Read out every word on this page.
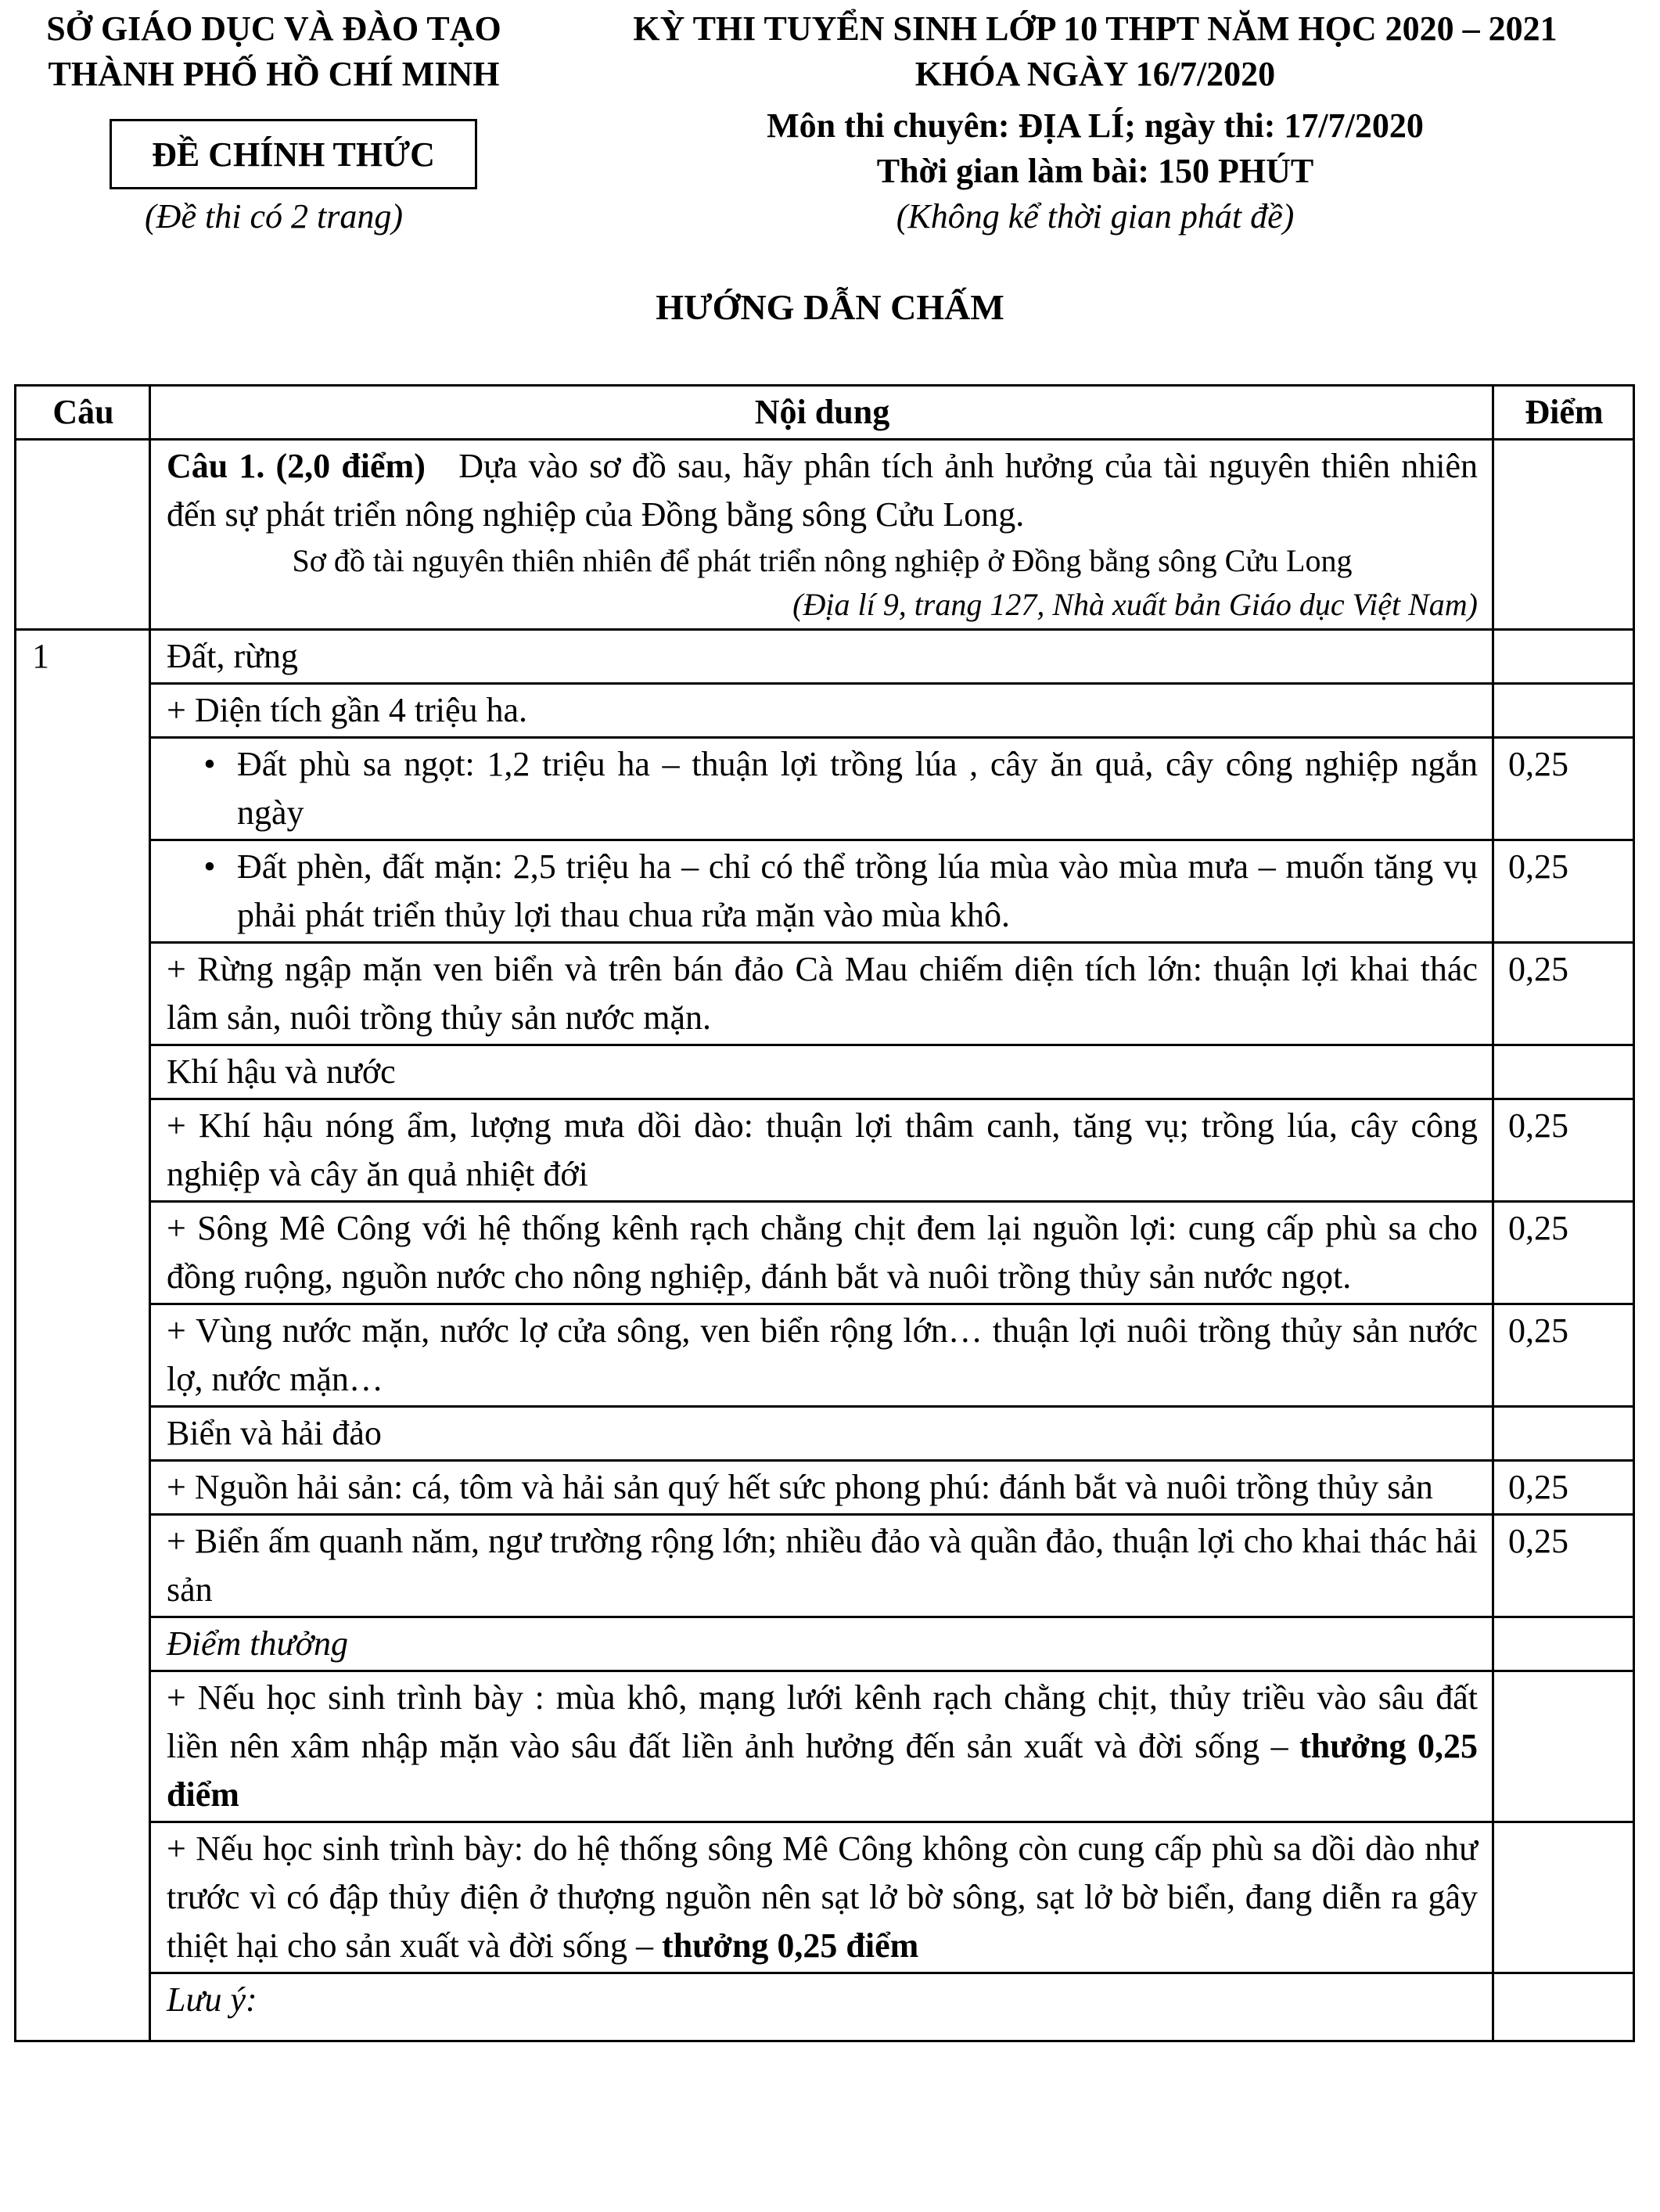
SỞ GIÁO DỤC VÀ ĐÀO TẠO
THÀNH PHỐ HỒ CHÍ MINH
ĐỀ CHÍNH THỨC
(Đề thi có 2 trang)
KỲ THI TUYỂN SINH LỚP 10 THPT NĂM HỌC 2020 – 2021
KHÓA NGÀY 16/7/2020
Môn thi chuyên: ĐỊA LÍ; ngày thi: 17/7/2020
Thời gian làm bài: 150 PHÚT
(Không kể thời gian phát đề)
HƯỚNG DẪN CHẤM
Câu	Nội dung	Điểm

	Câu 1. (2,0 điểm) Dựa vào sơ đồ sau, hãy phân tích ảnh hưởng của tài nguyên thiên nhiên đến sự phát triển nông nghiệp của Đồng bằng sông Cửu Long.
Sơ đồ tài nguyên thiên nhiên để phát triển nông nghiệp ở Đồng bằng sông Cửu Long
(Địa lí 9, trang 127, Nhà xuất bản Giáo dục Việt Nam)	

1	Đất, rừng	
	+ Diện tích gần 4 triệu ha.	

	• Đất phù sa ngọt: 1,2 triệu ha – thuận lợi trồng lúa , cây ăn quả, cây công nghiệp ngắn ngày	0,25

	• Đất phèn, đất mặn: 2,5 triệu ha – chỉ có thể trồng lúa mùa vào mùa mưa – muốn tăng vụ phải phát triển thủy lợi thau chua rửa mặn vào mùa khô.	0,25
	+ Rừng ngập mặn ven biển và trên bán đảo Cà Mau chiếm diện tích lớn: thuận lợi khai thác lâm sản, nuôi trồng thủy sản nước mặn.	0,25
	Khí hậu và nước	
	+ Khí hậu nóng ẩm, lượng mưa dồi dào: thuận lợi thâm canh, tăng vụ; trồng lúa, cây công nghiệp và cây ăn quả nhiệt đới	0,25
	+ Sông Mê Công với hệ thống kênh rạch chằng chịt đem lại nguồn lợi: cung cấp phù sa cho đồng ruộng, nguồn nước cho nông nghiệp, đánh bắt và nuôi trồng thủy sản nước ngọt.	0,25
	+ Vùng nước mặn, nước lợ cửa sông, ven biển rộng lớn… thuận lợi nuôi trồng thủy sản nước lợ, nước mặn…	0,25
	Biển và hải đảo	
	+ Nguồn hải sản: cá, tôm và hải sản quý hết sức phong phú: đánh bắt và nuôi trồng thủy sản	0,25
	+ Biển ấm quanh năm, ngư trường rộng lớn; nhiều đảo và quần đảo, thuận lợi cho khai thác hải sản	0,25
	Điểm thưởng	
	+ Nếu học sinh trình bày : mùa khô, mạng lưới kênh rạch chằng chịt, thủy triều vào sâu đất liền nên xâm nhập mặn vào sâu đất liền ảnh hưởng đến sản xuất và đời sống – thưởng 0,25 điểm	
	+ Nếu học sinh trình bày: do hệ thống sông Mê Công không còn cung cấp phù sa dồi dào như trước vì có đập thủy điện ở thượng nguồn nên sạt lở bờ sông, sạt lở bờ biển, đang diễn ra gây thiệt hại cho sản xuất và đời sống – thưởng 0,25 điểm	
	Lưu ý:	
